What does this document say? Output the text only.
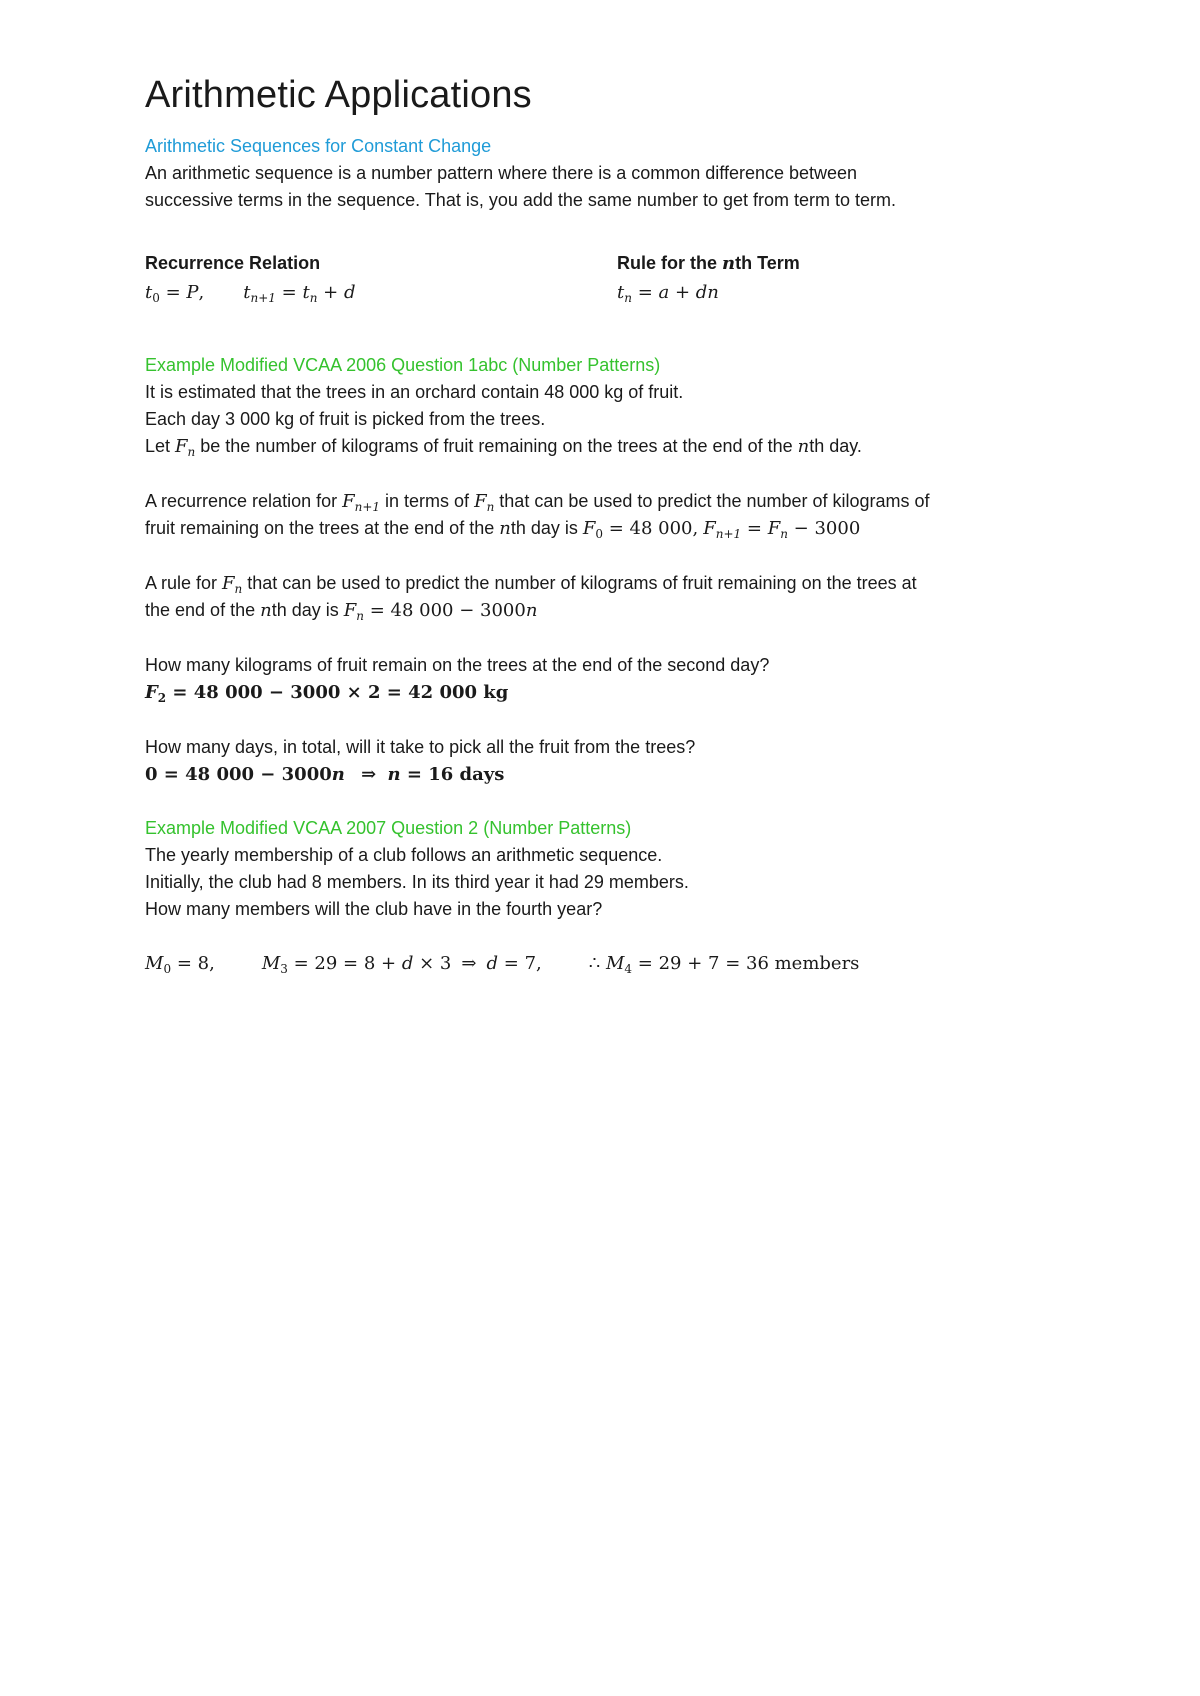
Arithmetic Applications
Arithmetic Sequences for Constant Change
An arithmetic sequence is a number pattern where there is a common difference between
successive terms in the sequence. That is, you add the same number to get from term to term.
Recurrence Relation	Rule for the nth Term
$t_0 = P$, $t_{n+1} = t_n + d$	$t_n = a$ + dn
Example Modified VCAA 2006 Question 1abc (Number Patterns)
It is estimated that the trees in an orchard contain 48 000 kg of fruit.
Each day 3 000 kg of fruit is picked from the trees.
Let $F_n$ be the number of kilograms of fruit remaining on the trees at the end of the nth day.
A recurrence relation for $F_{n+1}$ in terms of $F_n$ that can be used to predict the number of kilograms of
fruit remaining on the trees at the end of the nth day is $F_0 = 48$ 000, $F_{n+1} = F_n - 3000$
A rule for $F_n$ that can be used to predict the number of kilograms of fruit remaining on the trees at
the end of the nth day is $F_n = 48$ 000 − 3000n
How many kilograms of fruit remain on the trees at the end of the second day?
$F_2 = 48$ 000 − 3000 × 2 = 42 000 kg
How many days, in total, will it take to pick all the fruit from the trees?
0 = 48 000 − 3000n   ⇒  n = 16 days
Example Modified VCAA 2007 Question 2 (Number Patterns)
The yearly membership of a club follows an arithmetic sequence.
Initially, the club had 8 members. In its third year it had 29 members.
How many members will the club have in the fourth year?
$M_0 = 8$,	$M_3 = 29 = 8 + d \times 3$ ⇒ d = 7,	∴ $M_4 = 29 + 7 = 36$ members
